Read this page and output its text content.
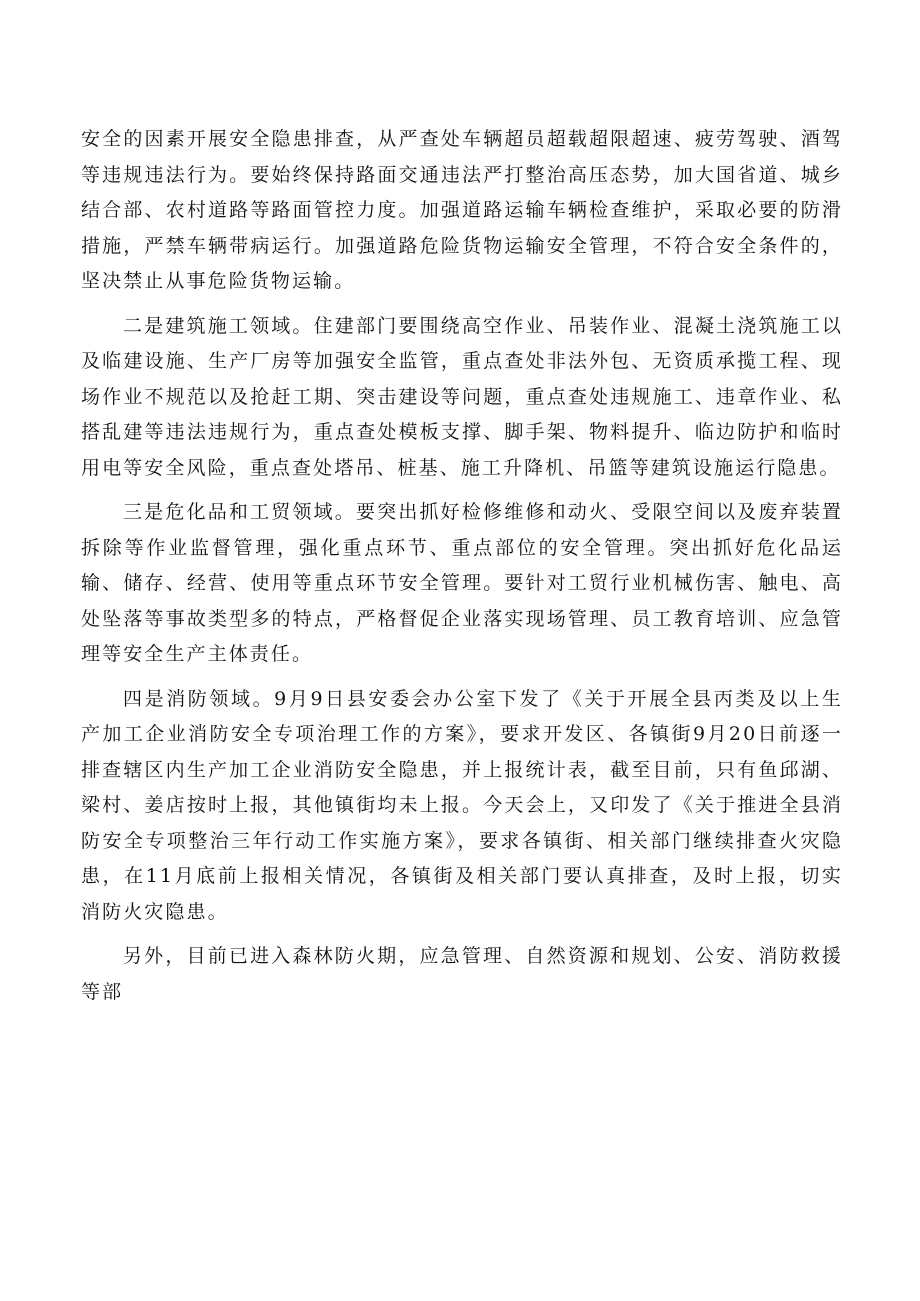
安全的因素开展安全隐患排查，从严查处车辆超员超载超限超速、疲劳驾驶、酒驾等违规违法行为。要始终保持路面交通违法严打整治高压态势，加大国省道、城乡结合部、农村道路等路面管控力度。加强道路运输车辆检查维护，采取必要的防滑措施，严禁车辆带病运行。加强道路危险货物运输安全管理，不符合安全条件的，坚决禁止从事危险货物运输。

二是建筑施工领域。住建部门要围绕高空作业、吊装作业、混凝土浇筑施工以及临建设施、生产厂房等加强安全监管，重点查处非法外包、无资质承揽工程、现场作业不规范以及抢赶工期、突击建设等问题，重点查处违规施工、违章作业、私搭乱建等违法违规行为，重点查处模板支撑、脚手架、物料提升、临边防护和临时用电等安全风险，重点查处塔吊、桩基、施工升降机、吊篮等建筑设施运行隐患。

三是危化品和工贸领域。要突出抓好检修维修和动火、受限空间以及废弃装置拆除等作业监督管理，强化重点环节、重点部位的安全管理。突出抓好危化品运输、储存、经营、使用等重点环节安全管理。要针对工贸行业机械伤害、触电、高处坠落等事故类型多的特点，严格督促企业落实现场管理、员工教育培训、应急管理等安全生产主体责任。

四是消防领域。9月9日县安委会办公室下发了《关于开展全县丙类及以上生产加工企业消防安全专项治理工作的方案》，要求开发区、各镇街9月20日前逐一排查辖区内生产加工企业消防安全隐患，并上报统计表，截至目前，只有鱼邱湖、梁村、姜店按时上报，其他镇街均未上报。今天会上，又印发了《关于推进全县消防安全专项整治三年行动工作实施方案》，要求各镇街、相关部门继续排查火灾隐患，在11月底前上报相关情况，各镇街及相关部门要认真排查，及时上报，切实消防火灾隐患。

另外，目前已进入森林防火期，应急管理、自然资源和规划、公安、消防救援等部
